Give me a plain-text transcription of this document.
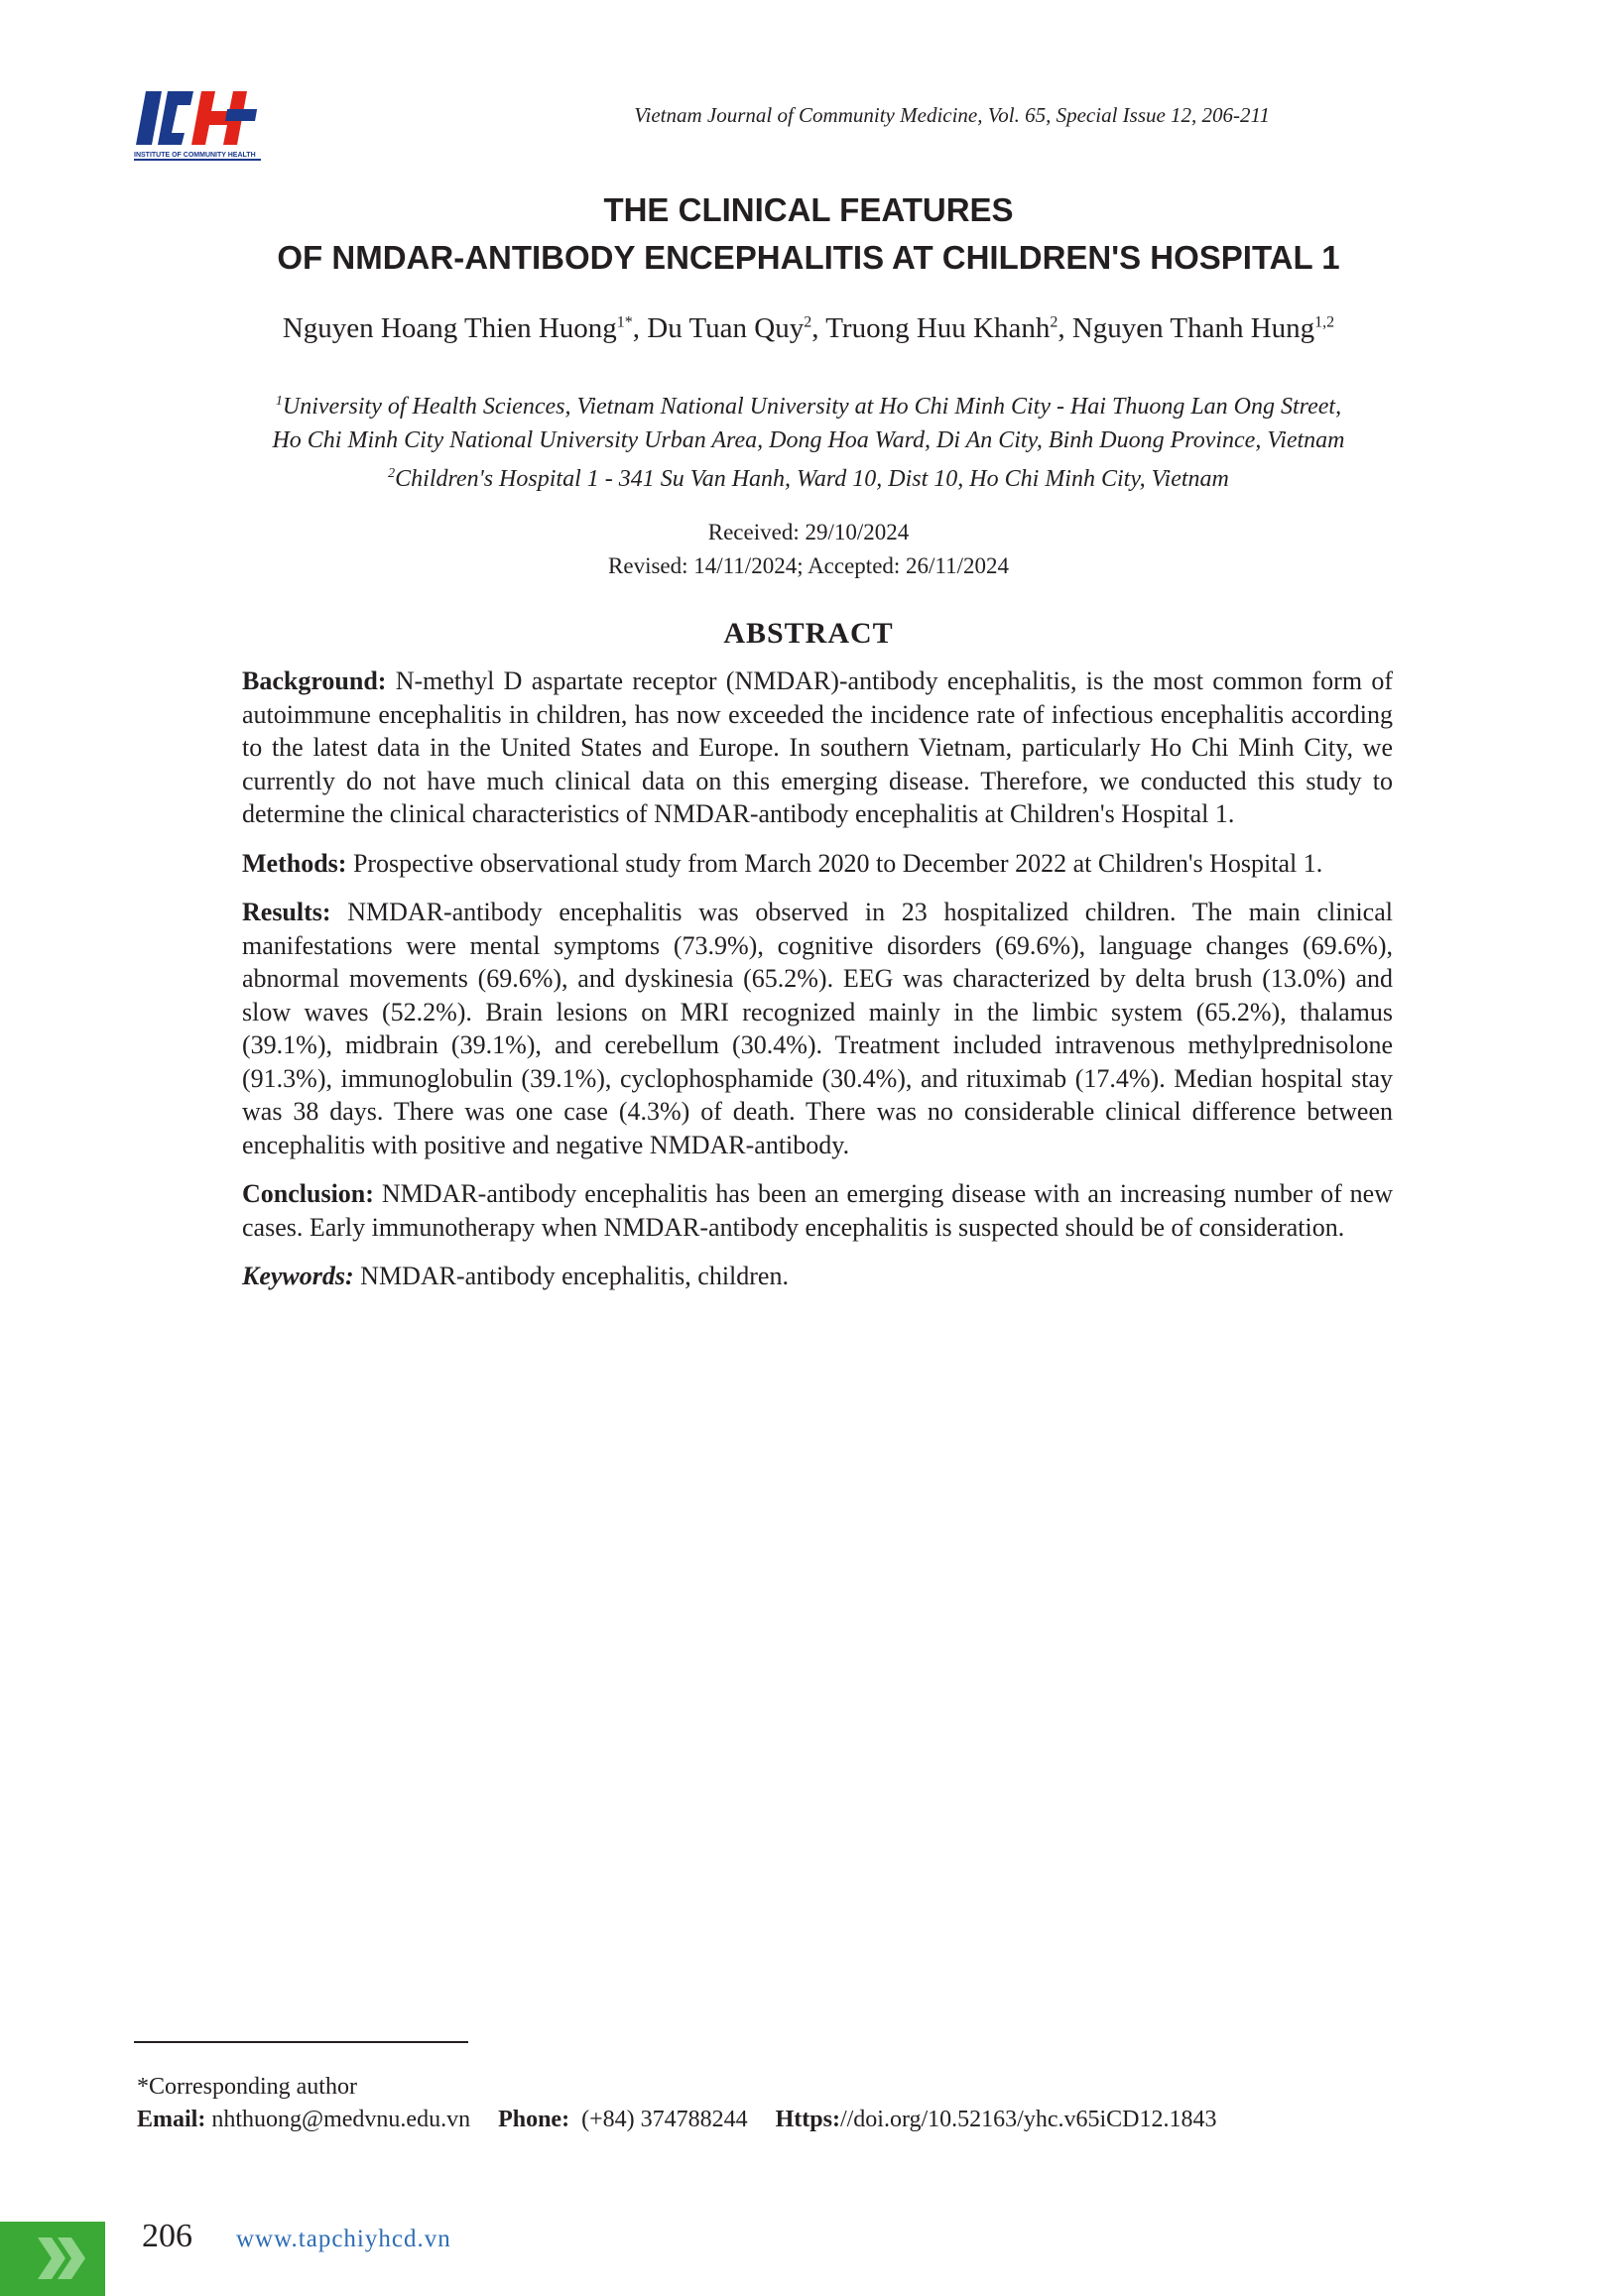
INSTITUTE OF COMMUNITY HEALTH
Vietnam Journal of Community Medicine, Vol. 65, Special Issue 12, 206-211
THE CLINICAL FEATURES
OF NMDAR-ANTIBODY ENCEPHALITIS AT CHILDREN'S HOSPITAL 1
Nguyen Hoang Thien Huong$^{1*}$, Du Tuan Quy$^2$, Truong Huu Khanh$^2$, Nguyen Thanh Hung$^{1,2}$
$^1$University of Health Sciences, Vietnam National University at Ho Chi Minh City - Hai Thuong Lan Ong Street,
Ho Chi Minh City National University Urban Area, Dong Hoa Ward, Di An City, Binh Duong Province, Vietnam
$^2$Children's Hospital 1 - 341 Su Van Hanh, Ward 10, Dist 10, Ho Chi Minh City, Vietnam
Received: 29/10/2024
Revised: 14/11/2024; Accepted: 26/11/2024
ABSTRACT

Background: N-methyl D aspartate receptor (NMDAR)-antibody encephalitis, is the most common form of autoimmune encephalitis in children, has now exceeded the incidence rate of infectious encephalitis according to the latest data in the United States and Europe. In southern Vietnam, particularly Ho Chi Minh City, we currently do not have much clinical data on this emerging disease. Therefore, we conducted this study to determine the clinical characteristics of NMDAR-antibody encephalitis at Children's Hospital 1.

Methods: Prospective observational study from March 2020 to December 2022 at Children's Hospital 1.

Results: NMDAR-antibody encephalitis was observed in 23 hospitalized children. The main clinical manifestations were mental symptoms (73.9%), cognitive disorders (69.6%), language changes (69.6%), abnormal movements (69.6%), and dyskinesia (65.2%). EEG was characterized by delta brush (13.0%) and slow waves (52.2%). Brain lesions on MRI recognized mainly in the limbic system (65.2%), thalamus (39.1%), midbrain (39.1%), and cerebellum (30.4%). Treatment included intravenous methylprednisolone (91.3%), immunoglobulin (39.1%), cyclophosphamide (30.4%), and rituximab (17.4%). Median hospital stay was 38 days. There was one case (4.3%) of death. There was no considerable clinical difference between encephalitis with positive and negative NMDAR-antibody.

Conclusion: NMDAR-antibody encephalitis has been an emerging disease with an increasing number of new cases. Early immunotherapy when NMDAR-antibody encephalitis is suspected should be of consideration.

Keywords: NMDAR-antibody encephalitis, children.

*Corresponding author
Email: nhthuong@medvnu.edu.vn Phone:  (+84) 374788244 Https://doi.org/10.52163/yhc.v65iCD12.1843
206 www.tapchiyhcd.vn
